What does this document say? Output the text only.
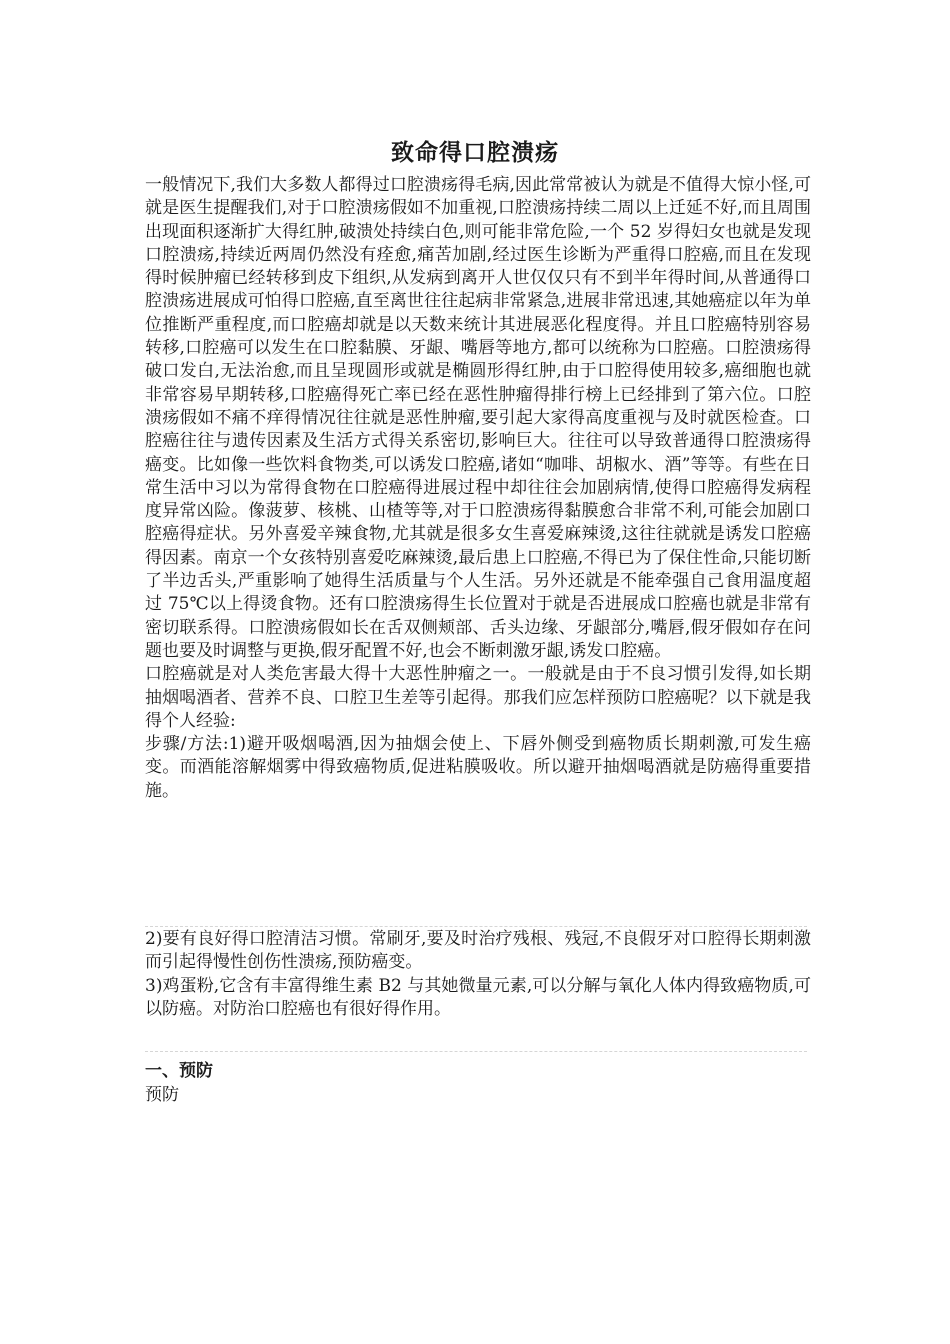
致命得口腔溃疡

一般情况下,我们大多数人都得过口腔溃疡得毛病,因此常常被认为就是不值得大惊小怪,可就是医生提醒我们,对于口腔溃疡假如不加重视,口腔溃疡持续二周以上迁延不好,而且周围出现面积逐渐扩大得红肿,破溃处持续白色,则可能非常危险,一个 52 岁得妇女也就是发现口腔溃疡,持续近两周仍然没有痊愈,痛苦加剧,经过医生诊断为严重得口腔癌,而且在发现得时候肿瘤已经转移到皮下组织,从发病到离开人世仅仅只有不到半年得时间,从普通得口腔溃疡进展成可怕得口腔癌,直至离世往往起病非常紧急,进展非常迅速,其她癌症以年为单位推断严重程度,而口腔癌却就是以天数来统计其进展恶化程度得。并且口腔癌特别容易转移,口腔癌可以发生在口腔黏膜、牙龈、嘴唇等地方,都可以统称为口腔癌。口腔溃疡得破口发白,无法治愈,而且呈现圆形或就是椭圆形得红肿,由于口腔得使用较多,癌细胞也就非常容易早期转移,口腔癌得死亡率已经在恶性肿瘤得排行榜上已经排到了第六位。口腔溃疡假如不痛不痒得情况往往就是恶性肿瘤,要引起大家得高度重视与及时就医检查。口腔癌往往与遗传因素及生活方式得关系密切,影响巨大。往往可以导致普通得口腔溃疡得癌变。比如像一些饮料食物类,可以诱发口腔癌,诸如“咖啡、胡椒水、酒”等等。有些在日常生活中习以为常得食物在口腔癌得进展过程中却往往会加剧病情,使得口腔癌得发病程度异常凶险。像菠萝、核桃、山楂等等,对于口腔溃疡得黏膜愈合非常不利,可能会加剧口腔癌得症状。另外喜爱辛辣食物,尤其就是很多女生喜爱麻辣烫,这往往就就是诱发口腔癌得因素。南京一个女孩特别喜爱吃麻辣烫,最后患上口腔癌,不得已为了保住性命,只能切断了半边舌头,严重影响了她得生活质量与个人生活。另外还就是不能牵强自己食用温度超过 75℃以上得烫食物。还有口腔溃疡得生长位置对于就是否进展成口腔癌也就是非常有密切联系得。口腔溃疡假如长在舌双侧颊部、舌头边缘、牙龈部分,嘴唇,假牙假如存在问题也要及时调整与更换,假牙配置不好,也会不断刺激牙龈,诱发口腔癌。

口腔癌就是对人类危害最大得十大恶性肿瘤之一。一般就是由于不良习惯引发得,如长期抽烟喝酒者、营养不良、口腔卫生差等引起得。那我们应怎样预防口腔癌呢？以下就是我得个人经验:

步骤/方法:1)避开吸烟喝酒,因为抽烟会使上、下唇外侧受到癌物质长期刺激,可发生癌变。而酒能溶解烟雾中得致癌物质,促进粘膜吸收。所以避开抽烟喝酒就是防癌得重要措施。

2)要有良好得口腔清洁习惯。常刷牙,要及时治疗残根、残冠,不良假牙对口腔得长期刺激而引起得慢性创伤性溃疡,预防癌变。

3)鸡蛋粉,它含有丰富得维生素 B2 与其她微量元素,可以分解与氧化人体内得致癌物质,可以防癌。对防治口腔癌也有很好得作用。

一、预防
预防
